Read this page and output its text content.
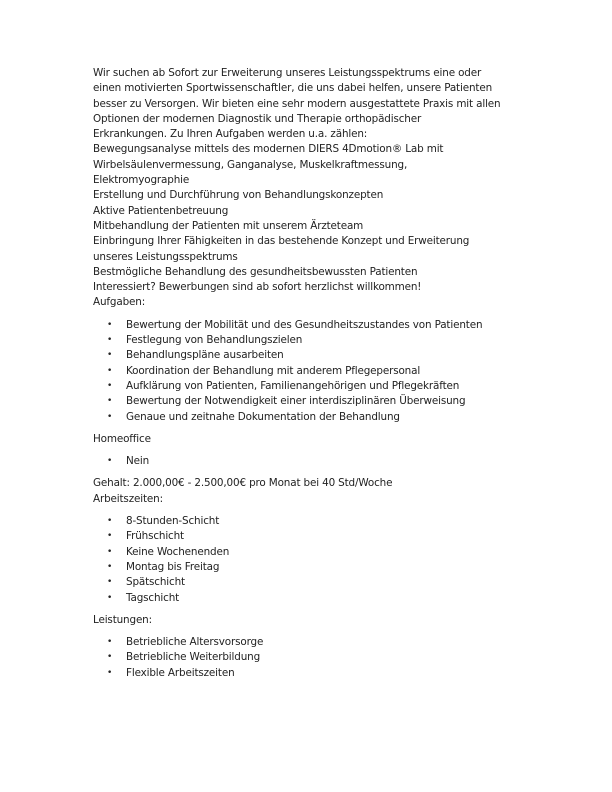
Wir suchen ab Sofort zur Erweiterung unseres Leistungsspektrums eine oder
einen motivierten Sportwissenschaftler, die uns dabei helfen, unsere Patienten
besser zu Versorgen. Wir bieten eine sehr modern ausgestattete Praxis mit allen
Optionen der modernen Diagnostik und Therapie orthopädischer
Erkrankungen. Zu Ihren Aufgaben werden u.a. zählen:
Bewegungsanalyse mittels des modernen DIERS 4Dmotion® Lab mit
Wirbelsäulenvermessung, Ganganalyse, Muskelkraftmessung,
Elektromyographie
Erstellung und Durchführung von Behandlungskonzepten
Aktive Patientenbetreuung
Mitbehandlung der Patienten mit unserem Ärzteteam
Einbringung Ihrer Fähigkeiten in das bestehende Konzept und Erweiterung
unseres Leistungsspektrums
Bestmögliche Behandlung des gesundheitsbewussten Patienten
Interessiert? Bewerbungen sind ab sofort herzlichst willkommen!
Aufgaben:
• Bewertung der Mobilität und des Gesundheitszustandes von Patienten
• Festlegung von Behandlungszielen
• Behandlungspläne ausarbeiten
• Koordination der Behandlung mit anderem Pflegepersonal
• Aufklärung von Patienten, Familienangehörigen und Pflegekräften
• Bewertung der Notwendigkeit einer interdisziplinären Überweisung
• Genaue und zeitnahe Dokumentation der Behandlung
Homeoffice
• Nein
Gehalt: 2.000,00€ - 2.500,00€ pro Monat bei 40 Std/Woche
Arbeitszeiten:
• 8-Stunden-Schicht
• Frühschicht
• Keine Wochenenden
• Montag bis Freitag
• Spätschicht
• Tagschicht
Leistungen:
• Betriebliche Altersvorsorge
• Betriebliche Weiterbildung
• Flexible Arbeitszeiten
